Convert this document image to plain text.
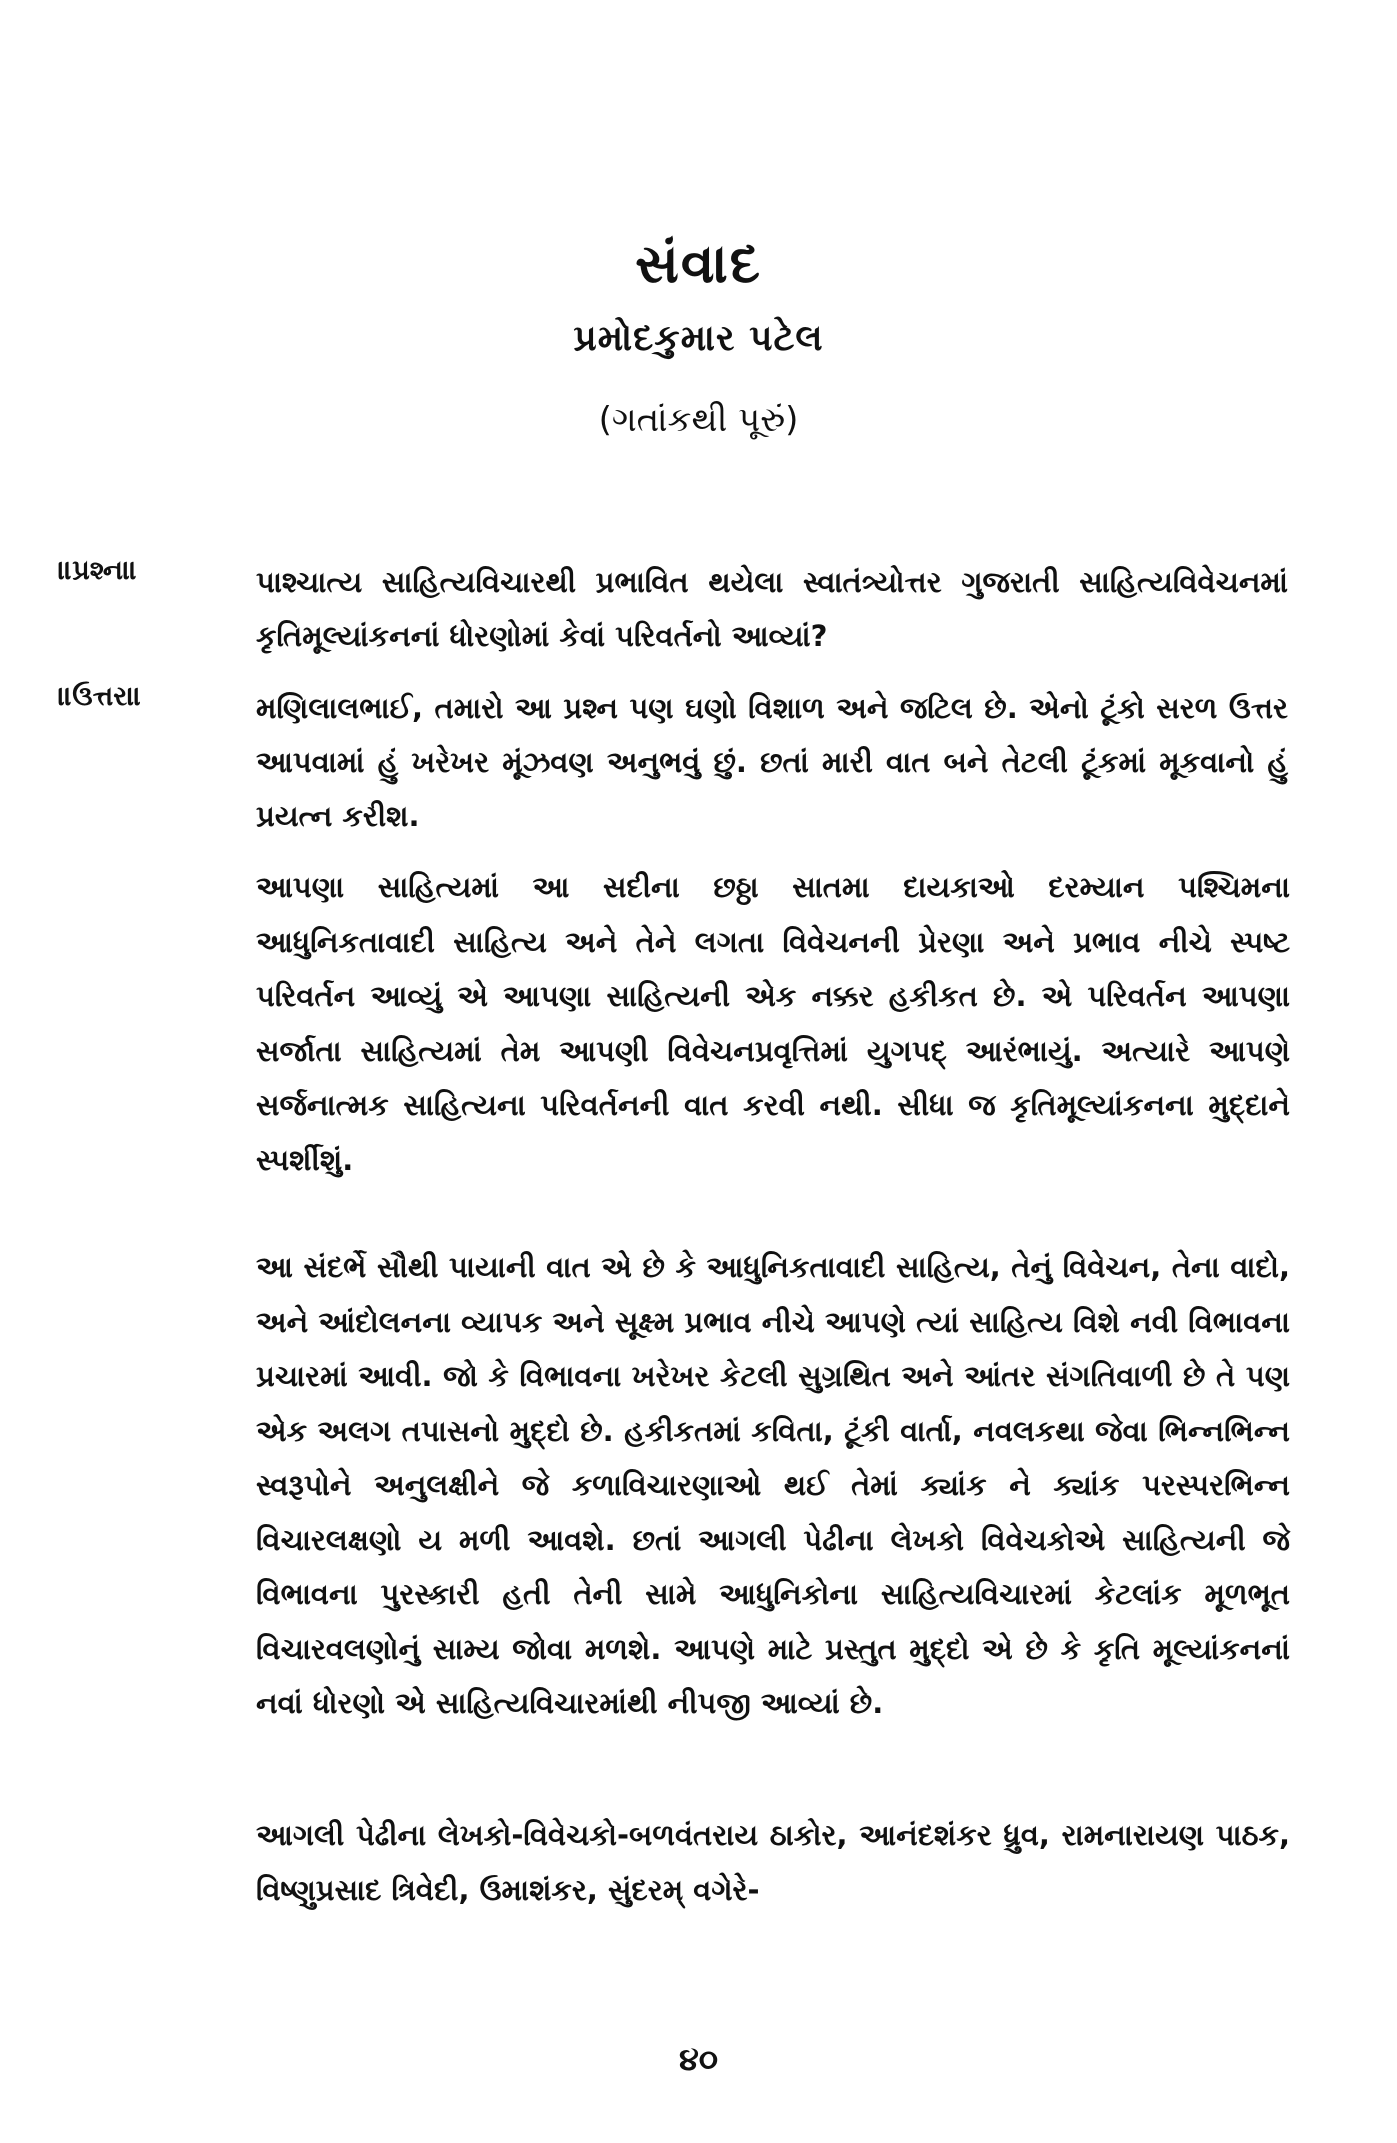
સંવાદ
પ્રમોદકુમાર પટેલ
(ગતાંકથી પૂરું)
॥પ્રશ્ન॥	પાશ્ચાત્ય સાહિત્યવિચારથી પ્રભાવિત થયેલા સ્વાતંત્ર્યોત્તર ગુજરાતી સાહિત્યવિવેચનમાં કૃતિમૂલ્યાંકનનાં ધોરણોમાં કેવાં પરિવર્તનો આવ્યાં?
॥ઉત્તર॥	મણિલાલભાઈ, તમારો આ પ્રશ્ન પણ ઘણો વિશાળ અને જટિલ છે. એનો ટૂંકો સરળ ઉત્તર આપવામાં હું ખરેખર મૂંઝવણ અનુભવું છું. છતાં મારી વાત બને તેટલી ટૂંકમાં મૂકવાનો હું પ્રયત્ન કરીશ.

આપણા સાહિત્યમાં આ સદીના છઠ્ઠા સાતમા દાયકાઓ દરમ્યાન પશ્ચિમના આધુનિકતાવાદી સાહિત્ય અને તેને લગતા વિવેચનની પ્રેરણા અને પ્રભાવ નીચે સ્પષ્ટ પરિવર્તન આવ્યું એ આપણા સાહિત્યની એક નક્કર હકીકત છે. એ પરિવર્તન આપણા સર્જાતા સાહિત્યમાં તેમ આપણી વિવેચનપ્રવૃત્તિમાં યુગપદ્ આરંભાયું. અત્યારે આપણે સર્જનાત્મક સાહિત્યના પરિવર્તનની વાત કરવી નથી. સીધા જ કૃતિમૂલ્યાંકનના મુદ્દાને સ્પર્શીશું.

આ સંદર્ભે સૌથી પાયાની વાત એ છે કે આધુનિકતાવાદી સાહિત્ય, તેનું વિવેચન, તેના વાદો, અને આંદોલનના વ્યાપક અને સૂક્ષ્મ પ્રભાવ નીચે આપણે ત્યાં સાહિત્ય વિશે નવી વિભાવના પ્રચારમાં આવી. જો કે વિભાવના ખરેખર કેટલી સુગ્રથિત અને આંતર સંગતિવાળી છે તે પણ એક અલગ તપાસનો મુદ્દો છે. હકીકતમાં કવિતા, ટૂંકી વાર્તા, નવલકથા જેવા ભિન્નભિન્ન સ્વરૂપોને અનુલક્ષીને જે કળાવિચારણાઓ થઈ તેમાં ક્યાંક ને ક્યાંક પરસ્પરભિન્ન વિચારલક્ષણો ય મળી આવશે. છતાં આગલી પેઢીના લેખકો વિવેચકોએ સાહિત્યની જે વિભાવના પુરસ્કારી હતી તેની સામે આધુનિકોના સાહિત્યવિચારમાં કેટલાંક મૂળભૂત વિચારવલણોનું સામ્ય જોવા મળશે. આપણે માટે પ્રસ્તુત મુદ્દો એ છે કે કૃતિ મૂલ્યાંકનનાં નવાં ધોરણો એ સાહિત્યવિચારમાંથી નીપજી આવ્યાં છે.

આગલી પેઢીના લેખકો-વિવેચકો-બળવંતરાય ઠાકોર, આનંદશંકર ધ્રુવ, રામનારાયણ પાઠક, વિષ્ણુપ્રસાદ ત્રિવેદી, ઉમાશંકર, સુંદરમ્ વગેરે-

૪૦
